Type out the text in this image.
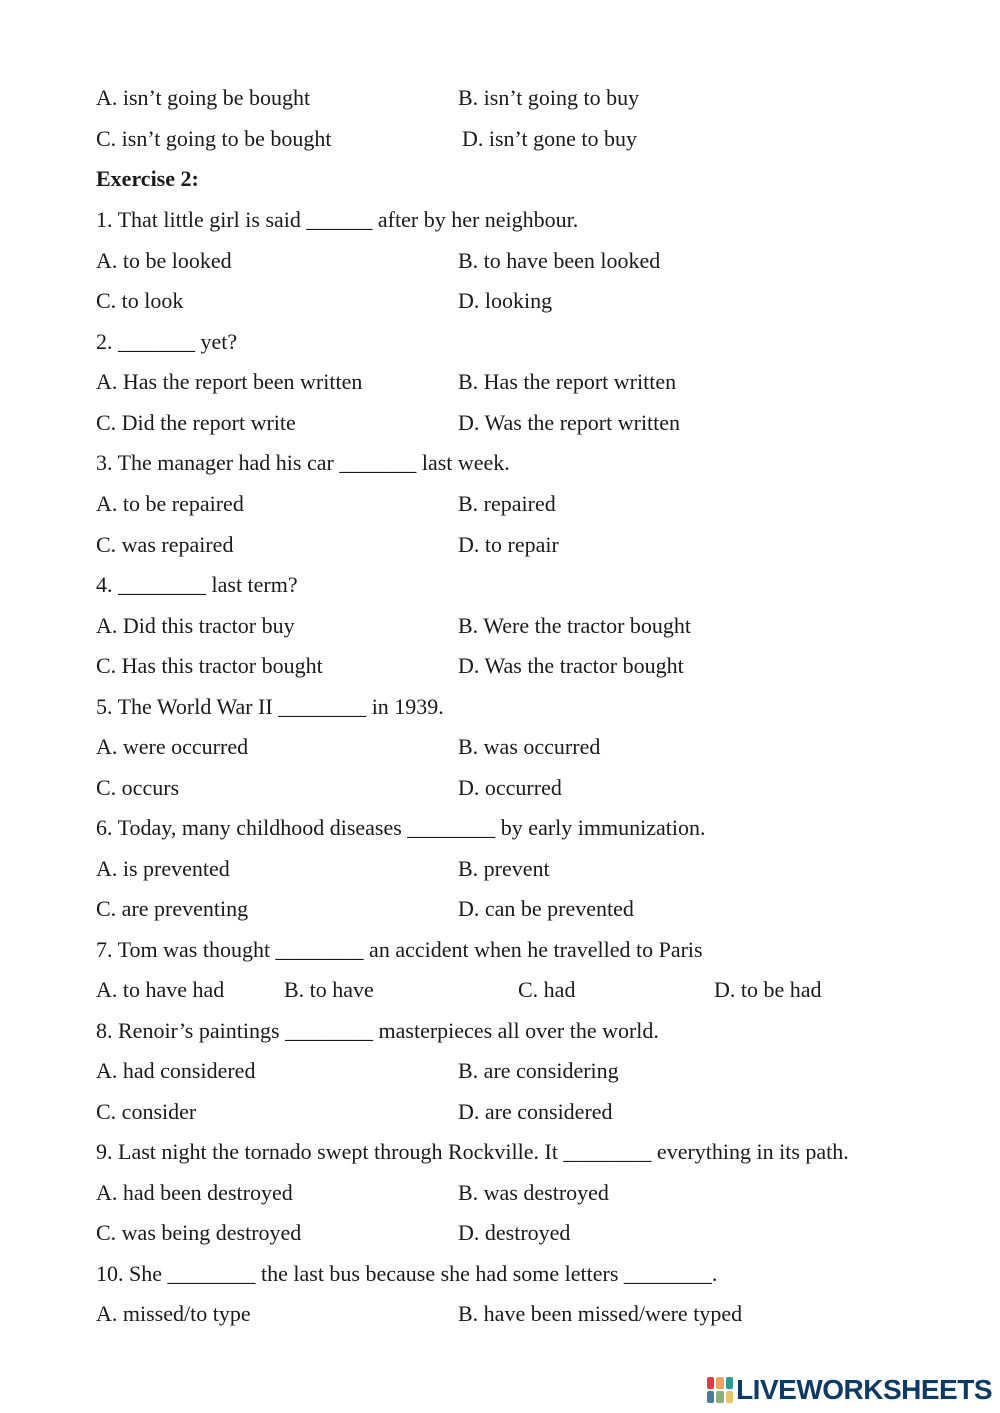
A. isn’t going be bought	B. isn’t going to buy
C. isn’t going to be bought	D. isn’t gone to buy
Exercise 2:
1. That little girl is said ______ after by her neighbour.
A. to be looked	B. to have been looked
C. to look	D. looking
2. _______ yet?
A. Has the report been written	B. Has the report written
C. Did the report write	D. Was the report written
3. The manager had his car _______ last week.
A. to be repaired	B. repaired
C. was repaired	D. to repair
4. ________ last term?
A. Did this tractor buy	B. Were the tractor bought
C. Has this tractor bought	D. Was the tractor bought
5. The World War II ________ in 1939.
A. were occurred	B. was occurred
C. occurs	D. occurred
6. Today, many childhood diseases ________ by early immunization.
A. is prevented	B. prevent
C. are preventing	D. can be prevented
7. Tom was thought ________ an accident when he travelled to Paris
A. to have had	B. to have	C. had	D. to be had
8. Renoir’s paintings ________ masterpieces all over the world.
A. had considered	B. are considering
C. consider	D. are considered
9. Last night the tornado swept through Rockville. It ________ everything in its path.
A. had been destroyed	B. was destroyed
C. was being destroyed	D. destroyed
10. She ________ the last bus because she had some letters ________.
A. missed/to type	B. have been missed/were typed
LIVEWORKSHEETS
